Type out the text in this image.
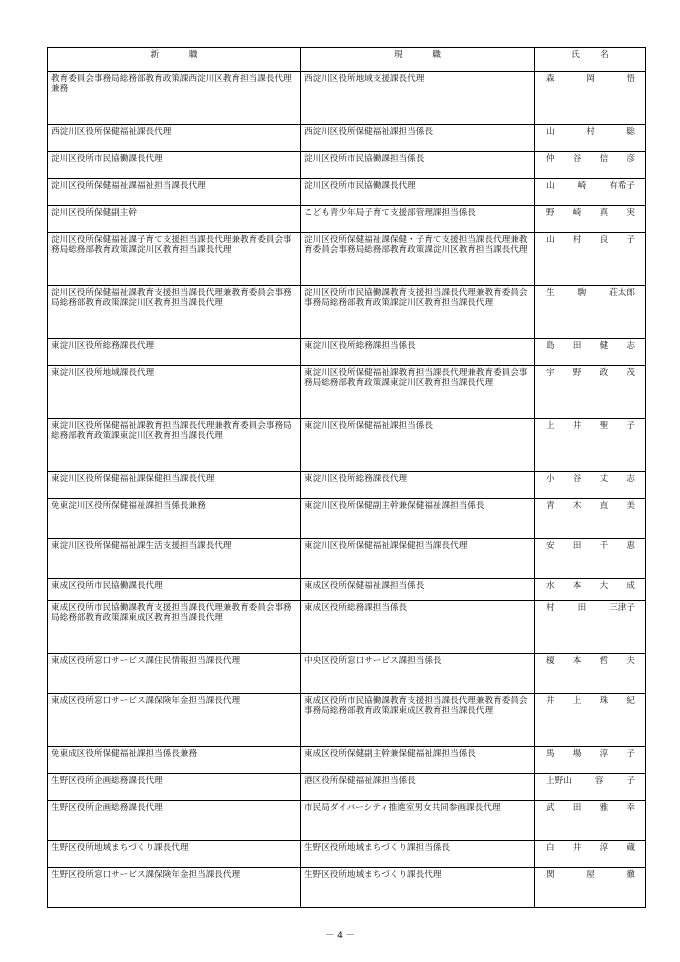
新　　　職	現　　　職	氏　　名
教育委員会事務局総務部教育政策課西淀川区教育担当課長代理兼務	西淀川区役所地域支援課長代理	森 岡 悟

西淀川区役所保健福祉課長代理	西淀川区役所保健福祉課担当係長	山 村 聡

淀川区役所市民協働課長代理	淀川区役所市民協働課担当係長	仲 谷 信 彦

淀川区役所保健福祉課福祉担当課長代理	淀川区役所市民協働課長代理	山 崎 有希子

淀川区役所保健副主幹	こども青少年局子育て支援部管理課担当係長	野 崎 真 実

淀川区役所保健福祉課子育て支援担当課長代理兼教育委員会事務局総務部教育政策課淀川区教育担当課長代理	淀川区役所保健福祉課保健・子育て支援担当課長代理兼教育委員会事務局総務部教育政策課淀川区教育担当課長代理	山 村 良 子

淀川区役所保健福祉課教育支援担当課長代理兼教育委員会事務局総務部教育政策課淀川区教育担当課長代理	淀川区役所市民協働課教育支援担当課長代理兼教育委員会事務局総務部教育政策課淀川区教育担当課長代理	生 駒 荘太郎

東淀川区役所総務課長代理	東淀川区役所総務課担当係長	島 田 健 志

東淀川区役所地域課長代理	東淀川区役所保健福祉課教育担当課長代理兼教育委員会事務局総務部教育政策課東淀川区教育担当課長代理	宇 野 政 茂

東淀川区役所保健福祉課教育担当課長代理兼教育委員会事務局総務部教育政策課東淀川区教育担当課長代理	東淀川区役所保健福祉課担当係長	上 井 聖 子

東淀川区役所保健福祉課保健担当課長代理	東淀川区役所総務課長代理	小 谷 丈 志

免東淀川区役所保健福祉課担当係長兼務	東淀川区役所保健副主幹兼保健福祉課担当係長	青 木 直 美

東淀川区役所保健福祉課生活支援担当課長代理	東淀川区役所保健福祉課保健担当課長代理	安 田 千 恵

東成区役所市民協働課長代理	東成区役所保健福祉課担当係長	水 本 大 成

東成区役所市民協働課教育支援担当課長代理兼教育委員会事務局総務部教育政策課東成区教育担当課長代理	東成区役所総務課担当係長	村 田 三津子

東成区役所窓口サービス課住民情報担当課長代理	中央区役所窓口サービス課担当係長	榎 本 哲 夫

東成区役所窓口サービス課保険年金担当課長代理	東成区役所市民協働課教育支援担当課長代理兼教育委員会事務局総務部教育政策課東成区教育担当課長代理	井 上 珠 紀

免東成区役所保健福祉課担当係長兼務	東成区役所保健副主幹兼保健福祉課担当係長	馬 場 淳 子

生野区役所企画総務課長代理	港区役所保健福祉課担当係長	上野山 容 子

生野区役所企画総務課長代理	市民局ダイバーシティ推進室男女共同参画課長代理	武 田 雅 幸

生野区役所地域まちづくり課長代理	生野区役所地域まちづくり課担当係長	白 井 淳 蔵

生野区役所窓口サービス課保険年金担当課長代理	生野区役所地域まちづくり課長代理	関 屋 徹
－ 4 －
